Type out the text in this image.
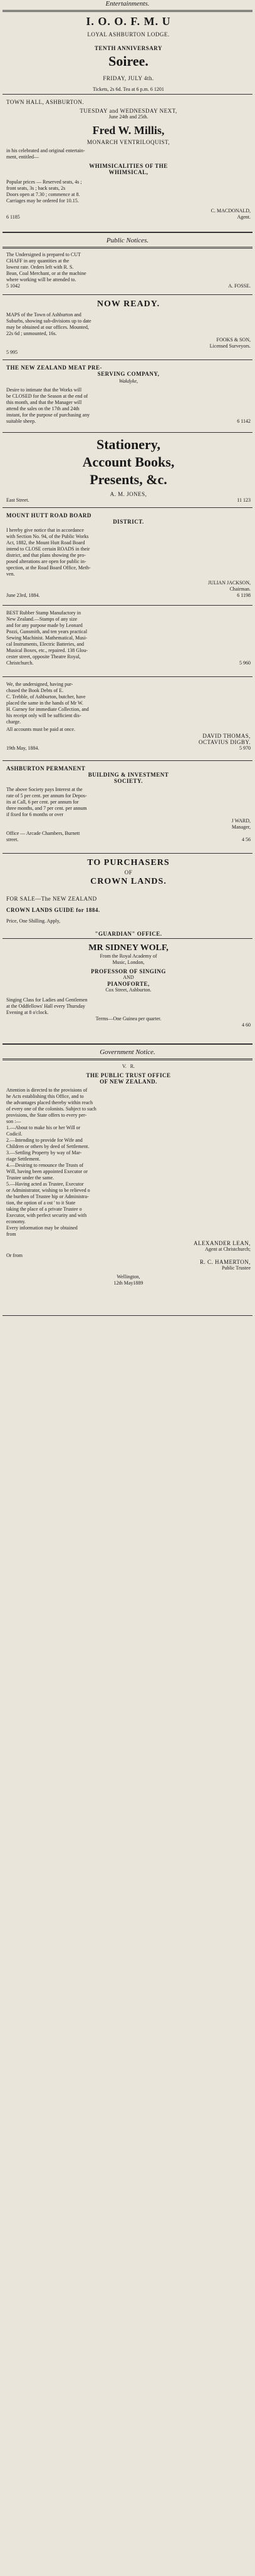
Entertainments.
I. O. O. F. M. U
LOYAL ASHBURTON LODGE.
TENTH ANNIVERSARY
Soiree.
FRIDAY, JULY 4th.
Tickets, 2s 6d. Tea at 6 p.m. 6 1201
TOWN HALL, ASHBURTON.
TUESDAY and WEDNESDAY NEXT,
June 24th and 25th.
Fred W. Millis,
MONARCH VENTRILOQUIST,
in his celebrated and original entertain-
ment, entitled—
WHIMSICALITIES OF THE
WHIMSICAL,
Popular prices — Reserved seats, 4s ;
front seats, 3s ; back seats, 2s
Doors open at 7.30 ; commence at 8.
Carriages may be ordered for 10.15.
C. MACDONALD,
6 1185	Agent.
Public Notices.
The Undersigned is prepared to CUT
CHAFF in any quantities at the
lowest rate. Orders left with R. S.
Bean, Coal Merchant, or at the machine
where working will be attended to.
5 1042	A. FOSSE.
NOW READY.
MAPS of the Town of Ashburton and
Suburbs, showing sub-divisions up to date
may be obtained at our offices. Mounted,
22s 6d ; unmounted, 16s.
FOOKS & SON,
Licensed Surveyors.
5 995
THE NEW ZEALAND MEAT PRE-
SERVING COMPANY,
Wakdyke,
Desire to intimate that the Works will
be CLOSED for the Season at the end of
this month, and that the Manager will
attend the sales on the 17th and 24th
instant, for the purpose of purchasing any
suitable sheep.	6 1142
Stationery,
Account Books,
Presents, &c.
A. M. JONES,
East Street.	11 123
MOUNT HUTT ROAD BOARD
DISTRICT.
I hereby give notice that in accordance
with Section No. 94, of the Public Works
Act, 1882, the Mount Hutt Road Board
intend to CLOSE certain ROADS in their
district, and that plans showing the pro-
posed alterations are open for public in-
spection, at the Road Board Office, Meth-
ven.
JULIAN JACKSON,
Chairman.
June 23rd, 1884.	6 1198
BEST Rubber Stamp Manufactory in
New Zealand.—Stamps of any size
and for any purpose made by Leonard
Pozzi, Gunsmith, and ten years practical
Sewing Machinist. Mathematical, Musi-
cal Instruments, Electric Batteries, and
Musical Boxes, etc., repaired. 138 Glou-
cester street, opposite Theatre Royal,
Christchurch.	5 960
We, the undersigned, having pur-
chased the Book Debts of E.
C. Trebble, of Ashburton, butcher, have
placed the same in the hands of Mr W.
H. Gurney for immediate Collection, and
his receipt only will be sufficient dis-
charge.
All accounts must be paid at once.
DAVID THOMAS,
OCTAVIUS DIGBY.
19th May, 1884.	5 970
ASHBURTON PERMANENT
BUILDING & INVESTMENT
SOCIETY.
The above Society pays Interest at the
rate of 5 per cent. per annum for Depos-
its at Call, 6 per cent. per annum for
three months, and 7 per cent. per annum
if fixed for 6 months or over
J WARD,
Manager,
Office — Arcade Chambers, Burnett
street.	4 56
TO PURCHASERS
OF
CROWN LANDS.
FOR SALE—The NEW ZEALAND
CROWN LANDS GUIDE for 1884.
Price, One Shilling. Apply,
"GUARDIAN" OFFICE.
MR SIDNEY WOLF,
From the Royal Academy of
Music, London,
PROFESSOR OF SINGING
AND
PIANOFORTE,
Cox Street, Ashburton.
Singing Class for Ladies and Gentlemen
at the Oddfellows' Hall every Thursday
Evening at 8 o'clock.
Terms—One Guinea per quarter.
4 60
Government Notice.
V.   R.
THE PUBLIC TRUST OFFICE
OF NEW ZEALAND.
Attention is directed to the provisions of
he Acts establishing this Office, and to
the advantages placed thereby within reach
of every one of the colonists. Subject to such
provisions, the State offers to every per-
son :—
1.—About to make his or her Will or
Codicil.
2.—Intending to provide for Wife and
Children or others by deed of Settlement.
3.—Settling Property by way of Mar-
riage Settlement.
4.—Desiring to renounce the Trusts of
Will, having been appointed Executor or
Trustee under the same.
5.—Having acted as Trustee, Executor
or Administrator, wishing to be relieved o
the burthen of Trustee hip or Administra-
tion, the option of a ost ' to it State
taking the place of a private Trustee o
Executor, with perfect security and with
economy.
Every information may be obtained
from
ALEXANDER LEAN,
Agent at Christchurch;
Or from
R. C. HAMERTON,
Public Trustee
Wellington,
12th May1889
